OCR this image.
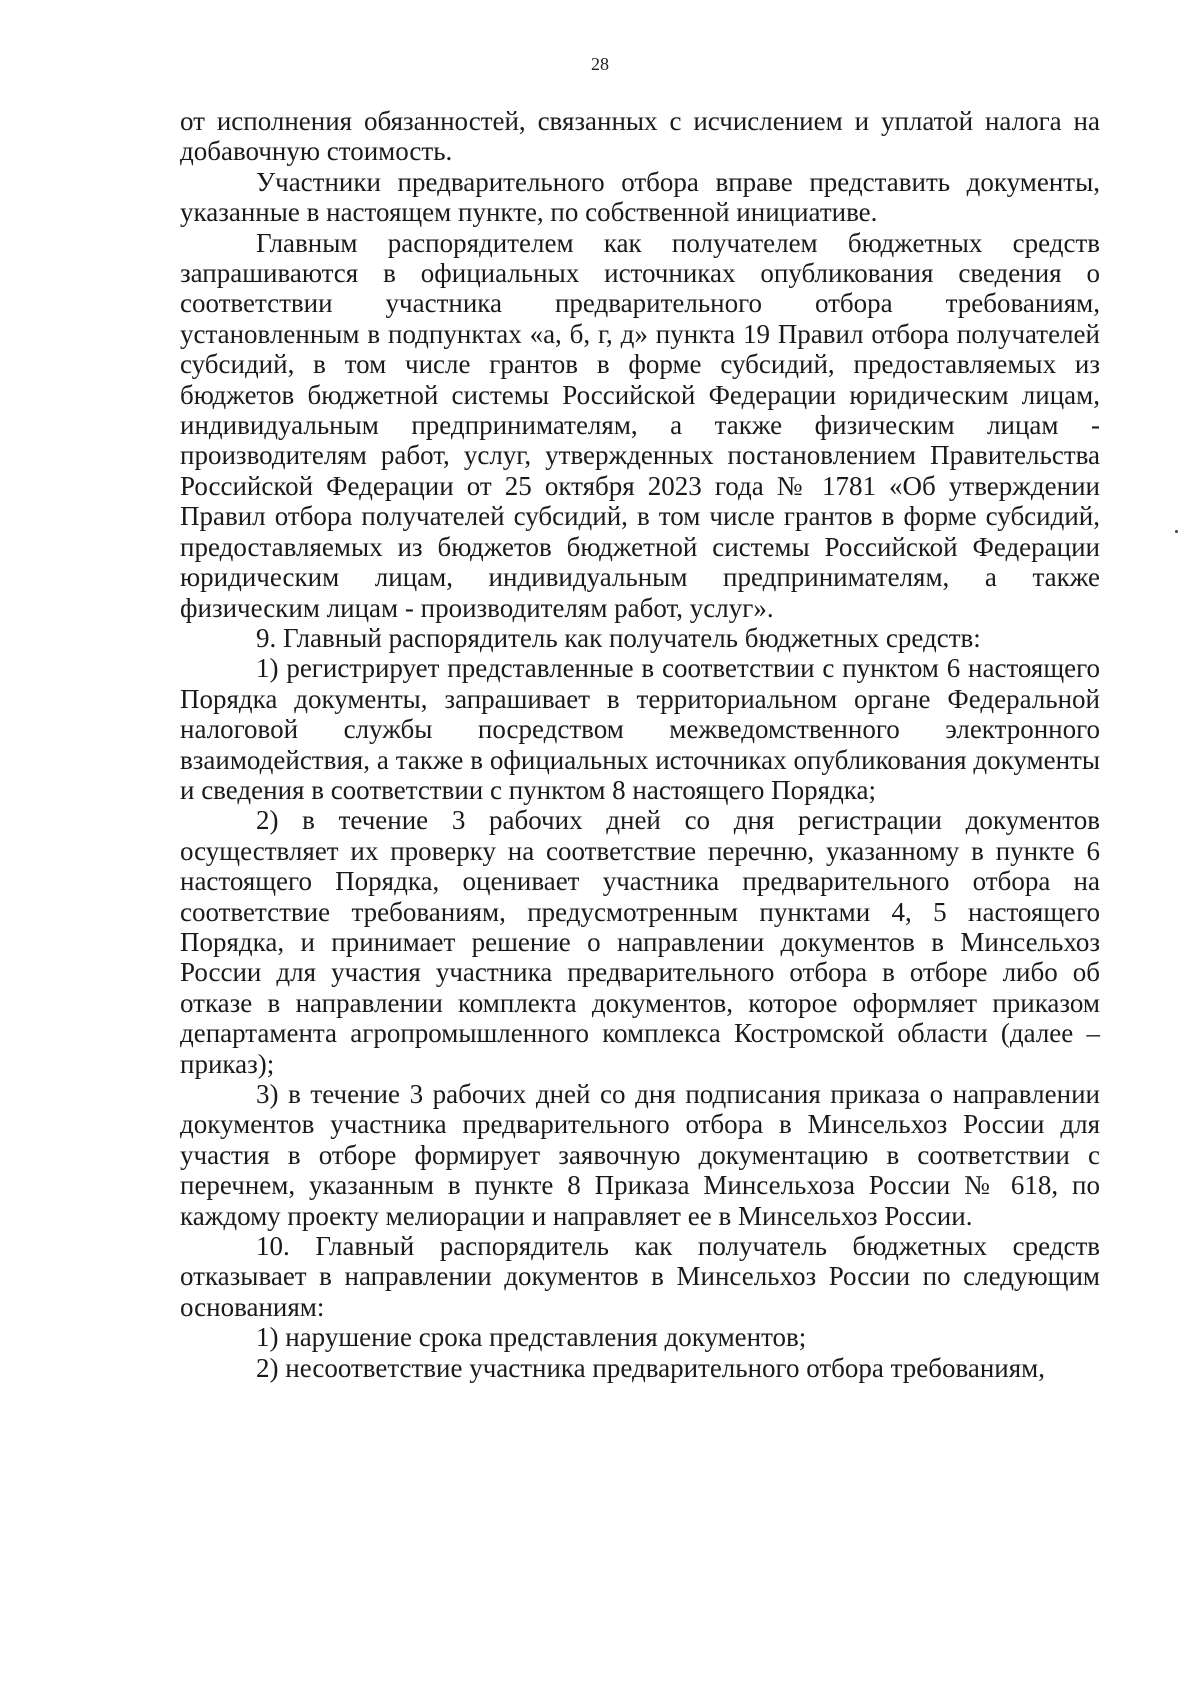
28

от исполнения обязанностей, связанных с исчислением и уплатой налога на добавочную стоимость.

Участники предварительного отбора вправе представить документы, указанные в настоящем пункте, по собственной инициативе.

Главным распорядителем как получателем бюджетных средств запрашиваются в официальных источниках опубликования сведения о соответствии участника предварительного отбора требованиям, установленным в подпунктах «а, б, г, д» пункта 19 Правил отбора получателей субсидий, в том числе грантов в форме субсидий, предоставляемых из бюджетов бюджетной системы Российской Федерации юридическим лицам, индивидуальным предпринимателям, а также физическим лицам - производителям работ, услуг, утвержденных постановлением Правительства Российской Федерации от 25 октября 2023 года № 1781 «Об утверждении Правил отбора получателей субсидий, в том числе грантов в форме субсидий, предоставляемых из бюджетов бюджетной системы Российской Федерации юридическим лицам, индивидуальным предпринимателям, а также физическим лицам - производителям работ, услуг».

9. Главный распорядитель как получатель бюджетных средств:

1) регистрирует представленные в соответствии с пунктом 6 настоящего Порядка документы, запрашивает в территориальном органе Федеральной налоговой службы посредством межведомственного электронного взаимодействия, а также в официальных источниках опубликования документы и сведения в соответствии с пунктом 8 настоящего Порядка;

2) в течение 3 рабочих дней со дня регистрации документов осуществляет их проверку на соответствие перечню, указанному в пункте 6 настоящего Порядка, оценивает участника предварительного отбора на соответствие требованиям, предусмотренным пунктами 4, 5 настоящего Порядка, и принимает решение о направлении документов в Минсельхоз России для участия участника предварительного отбора в отборе либо об отказе в направлении комплекта документов, которое оформляет приказом департамента агропромышленного комплекса Костромской области (далее – приказ);

3) в течение 3 рабочих дней со дня подписания приказа о направлении документов участника предварительного отбора в Минсельхоз России для участия в отборе формирует заявочную документацию в соответствии с перечнем, указанным в пункте 8 Приказа Минсельхоза России № 618, по каждому проекту мелиорации и направляет ее в Минсельхоз России.

10. Главный распорядитель как получатель бюджетных средств отказывает в направлении документов в Минсельхоз России по следующим основаниям:

1) нарушение срока представления документов;

2) несоответствие участника предварительного отбора требованиям,
